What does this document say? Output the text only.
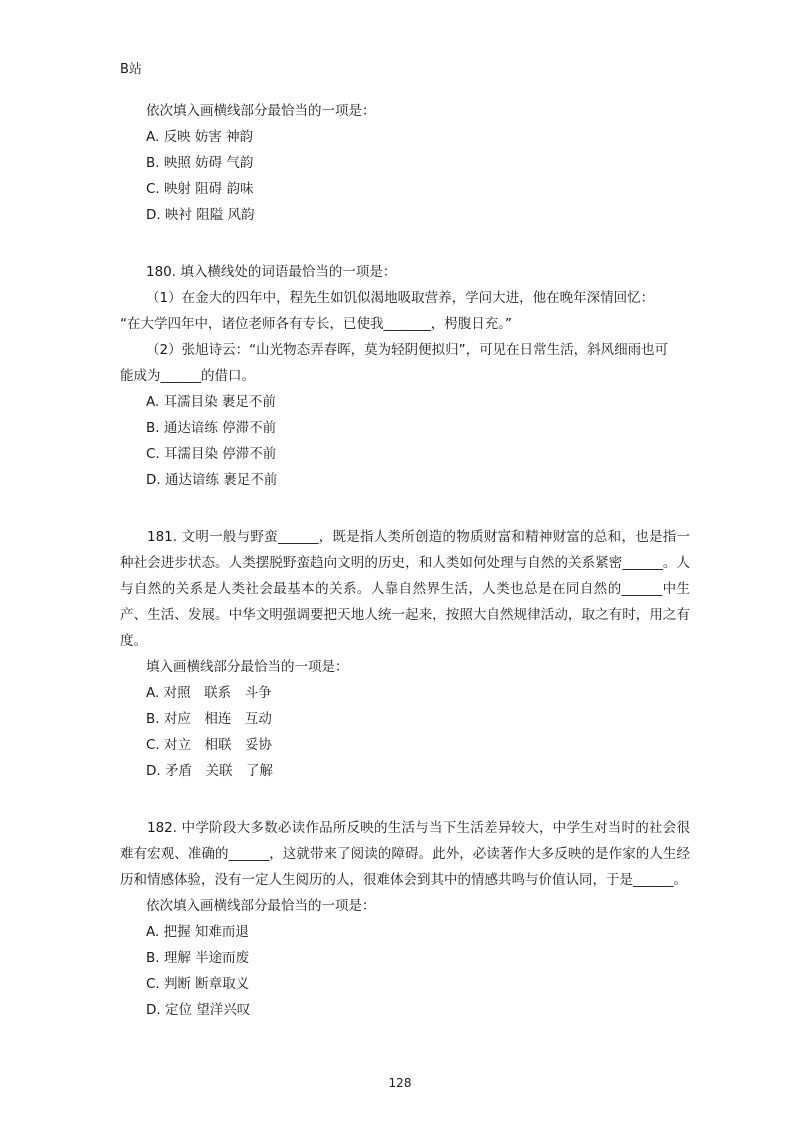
B站
依次填入画横线部分最恰当的一项是：
A. 反映 妨害 神韵
B. 映照 妨碍 气韵
C. 映射 阻碍 韵味
D. 映衬 阻隘 风韵
180. 填入横线处的词语最恰当的一项是：
（1）在金大的四年中，程先生如饥似渴地吸取营养，学问大进，他在晚年深情回忆：
“在大学四年中，诸位老师各有专长，已使我_______，枵腹日充。”
（2）张旭诗云：“山光物态弄春晖，莫为轻阴便拟归”，可见在日常生活，斜风细雨也可
能成为______的借口。
A. 耳濡目染 裹足不前
B. 通达谙练 停滞不前
C. 耳濡目染 停滞不前
D. 通达谙练 裹足不前

181. 文明一般与野蛮______，既是指人类所创造的物质财富和精神财富的总和，也是指一种社会进步状态。人类摆脱野蛮趋向文明的历史，和人类如何处理与自然的关系紧密______。人与自然的关系是人类社会最基本的关系。人靠自然界生活，人类也总是在同自然的______中生产、生活、发展。中华文明强调要把天地人统一起来，按照大自然规律活动，取之有时，用之有度。

填入画横线部分最恰当的一项是：
A. 对照　联系　斗争
B. 对应　相连　互动
C. 对立　相联　妥协
D. 矛盾　关联　了解

182. 中学阶段大多数必读作品所反映的生活与当下生活差异较大，中学生对当时的社会很难有宏观、准确的______，这就带来了阅读的障碍。此外，必读著作大多反映的是作家的人生经历和情感体验，没有一定人生阅历的人，很难体会到其中的情感共鸣与价值认同，于是______。

依次填入画横线部分最恰当的一项是：
A. 把握 知难而退
B. 理解 半途而废
C. 判断 断章取义
D. 定位 望洋兴叹
128
